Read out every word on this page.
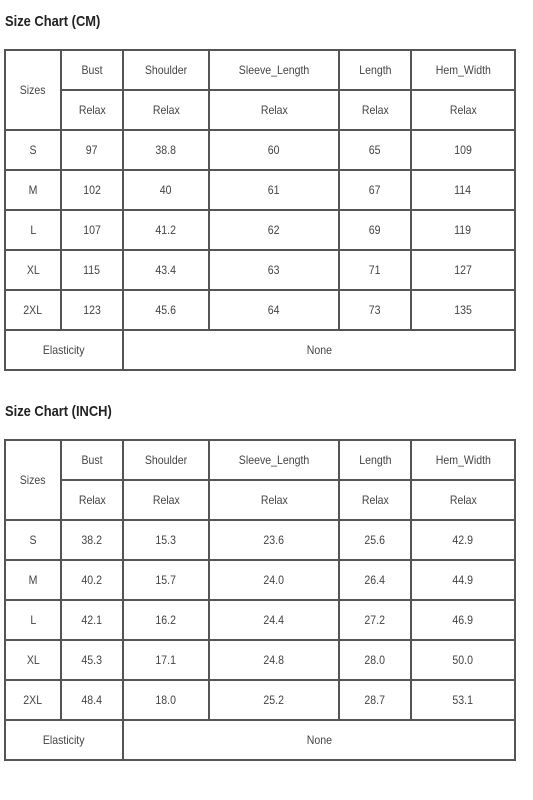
Size Chart (CM)
Sizes	Bust	Shoulder	Sleeve_Length	Length	Hem_Width
	Relax	Relax	Relax	Relax	Relax
S	97	38.8	60	65	109
M	102	40	61	67	114
L	107	41.2	62	69	119
XL	115	43.4	63	71	127
2XL	123	45.6	64	73	135
Elasticity		None			
Size Chart (INCH)
Sizes	Bust	Shoulder	Sleeve_Length	Length	Hem_Width
	Relax	Relax	Relax	Relax	Relax
S	38.2	15.3	23.6	25.6	42.9
M	40.2	15.7	24.0	26.4	44.9
L	42.1	16.2	24.4	27.2	46.9
XL	45.3	17.1	24.8	28.0	50.0
2XL	48.4	18.0	25.2	28.7	53.1
Elasticity		None			
